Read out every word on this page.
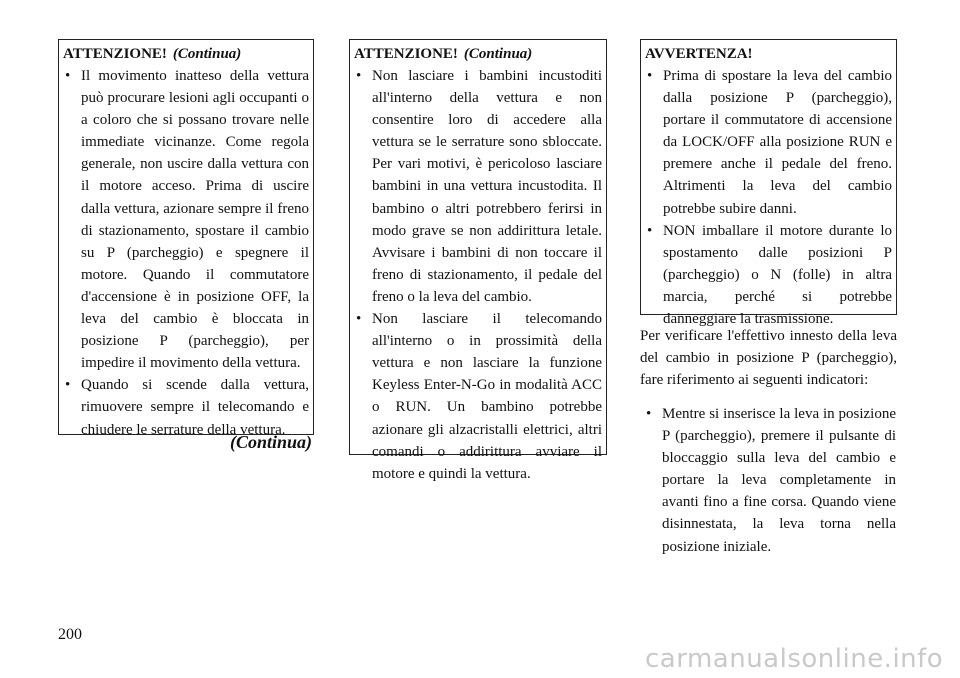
ATTENZIONE! (Continua)
• Il movimento inatteso della vettura può procurare lesioni agli occupanti o a coloro che si possano trovare nelle immediate vicinanze. Come regola generale, non uscire dalla vettura con il motore acceso. Prima di uscire dalla vettura, azionare sempre il freno di stazionamento, spostare il cambio su P (parcheggio) e spegnere il motore. Quando il commutatore d'accensione è in posizione OFF, la leva del cambio è bloccata in posizione P (parcheggio), per impedire il movimento della vettura.
• Quando si scende dalla vettura, rimuovere sempre il telecomando e chiudere le serrature della vettura.
(Continua)
ATTENZIONE! (Continua)
• Non lasciare i bambini incustoditi all'interno della vettura e non consentire loro di accedere alla vettura se le serrature sono sbloccate. Per vari motivi, è pericoloso lasciare bambini in una vettura incustodita. Il bambino o altri potrebbero ferirsi in modo grave se non addirittura letale. Avvisare i bambini di non toccare il freno di stazionamento, il pedale del freno o la leva del cambio.
• Non lasciare il telecomando all'interno o in prossimità della vettura e non lasciare la funzione Keyless Enter-N-Go in modalità ACC o RUN. Un bambino potrebbe azionare gli alzacristalli elettrici, altri comandi o addirittura avviare il motore e quindi la vettura.
AVVERTENZA!
• Prima di spostare la leva del cambio dalla posizione P (parcheggio), portare il commutatore di accensione da LOCK/OFF alla posizione RUN e premere anche il pedale del freno. Altrimenti la leva del cambio potrebbe subire danni.
• NON imballare il motore durante lo spostamento dalle posizioni P (parcheggio) o N (folle) in altra marcia, perché si potrebbe danneggiare la trasmissione.

Per verificare l'effettivo innesto della leva del cambio in posizione P (parcheggio), fare riferimento ai seguenti indicatori:

• Mentre si inserisce la leva in posizione P (parcheggio), premere il pulsante di bloccaggio sulla leva del cambio e portare la leva completamente in avanti fino a fine corsa. Quando viene disinnestata, la leva torna nella posizione iniziale.
200
carmanualsonline.info
